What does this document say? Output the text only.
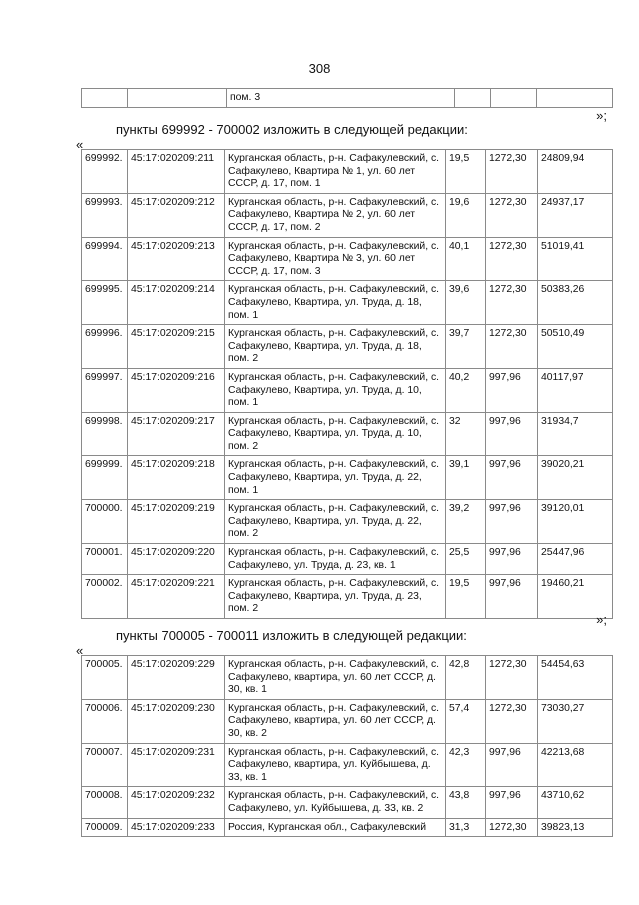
308
		пом. 3			
»;
пункты 699992 - 700002 изложить в следующей редакции:
«
699992.	45:17:020209:211	Курганская область, р-н. Сафакулевский, с. Сафакулево, Квартира № 1, ул. 60 лет СССР, д. 17, пом. 1	19,5	1272,30	24809,94
699993.	45:17:020209:212	Курганская область, р-н. Сафакулевский, с. Сафакулево, Квартира № 2, ул. 60 лет СССР, д. 17, пом. 2	19,6	1272,30	24937,17
699994.	45:17:020209:213	Курганская область, р-н. Сафакулевский, с. Сафакулево, Квартира № 3, ул. 60 лет СССР, д. 17, пом. 3	40,1	1272,30	51019,41
699995.	45:17:020209:214	Курганская область, р-н. Сафакулевский, с. Сафакулево, Квартира, ул. Труда, д. 18, пом. 1	39,6	1272,30	50383,26
699996.	45:17:020209:215	Курганская область, р-н. Сафакулевский, с. Сафакулево, Квартира, ул. Труда, д. 18, пом. 2	39,7	1272,30	50510,49
699997.	45:17:020209:216	Курганская область, р-н. Сафакулевский, с. Сафакулево, Квартира, ул. Труда, д. 10, пом. 1	40,2	997,96	40117,97
699998.	45:17:020209:217	Курганская область, р-н. Сафакулевский, с. Сафакулево, Квартира, ул. Труда, д. 10, пом. 2	32	997,96	31934,7
699999.	45:17:020209:218	Курганская область, р-н. Сафакулевский, с. Сафакулево, Квартира, ул. Труда, д. 22, пом. 1	39,1	997,96	39020,21
700000.	45:17:020209:219	Курганская область, р-н. Сафакулевский, с. Сафакулево, Квартира, ул. Труда, д. 22, пом. 2	39,2	997,96	39120,01
700001.	45:17:020209:220	Курганская область, р-н. Сафакулевский, с. Сафакулево, ул. Труда, д. 23, кв. 1	25,5	997,96	25447,96
700002.	45:17:020209:221	Курганская область, р-н. Сафакулевский, с. Сафакулево, Квартира, ул. Труда, д. 23, пом. 2	19,5	997,96	19460,21
»;
пункты 700005 - 700011 изложить в следующей редакции:
«
700005.	45:17:020209:229	Курганская область, р-н. Сафакулевский, с. Сафакулево, квартира, ул. 60 лет СССР, д. 30, кв. 1	42,8	1272,30	54454,63
700006.	45:17:020209:230	Курганская область, р-н. Сафакулевский, с. Сафакулево, квартира, ул. 60 лет СССР, д. 30, кв. 2	57,4	1272,30	73030,27
700007.	45:17:020209:231	Курганская область, р-н. Сафакулевский, с. Сафакулево, квартира, ул. Куйбышева, д. 33, кв. 1	42,3	997,96	42213,68
700008.	45:17:020209:232	Курганская область, р-н. Сафакулевский, с. Сафакулево, ул. Куйбышева, д. 33, кв. 2	43,8	997,96	43710,62
700009.	45:17:020209:233	Россия, Курганская обл., Сафакулевский	31,3	1272,30	39823,13
